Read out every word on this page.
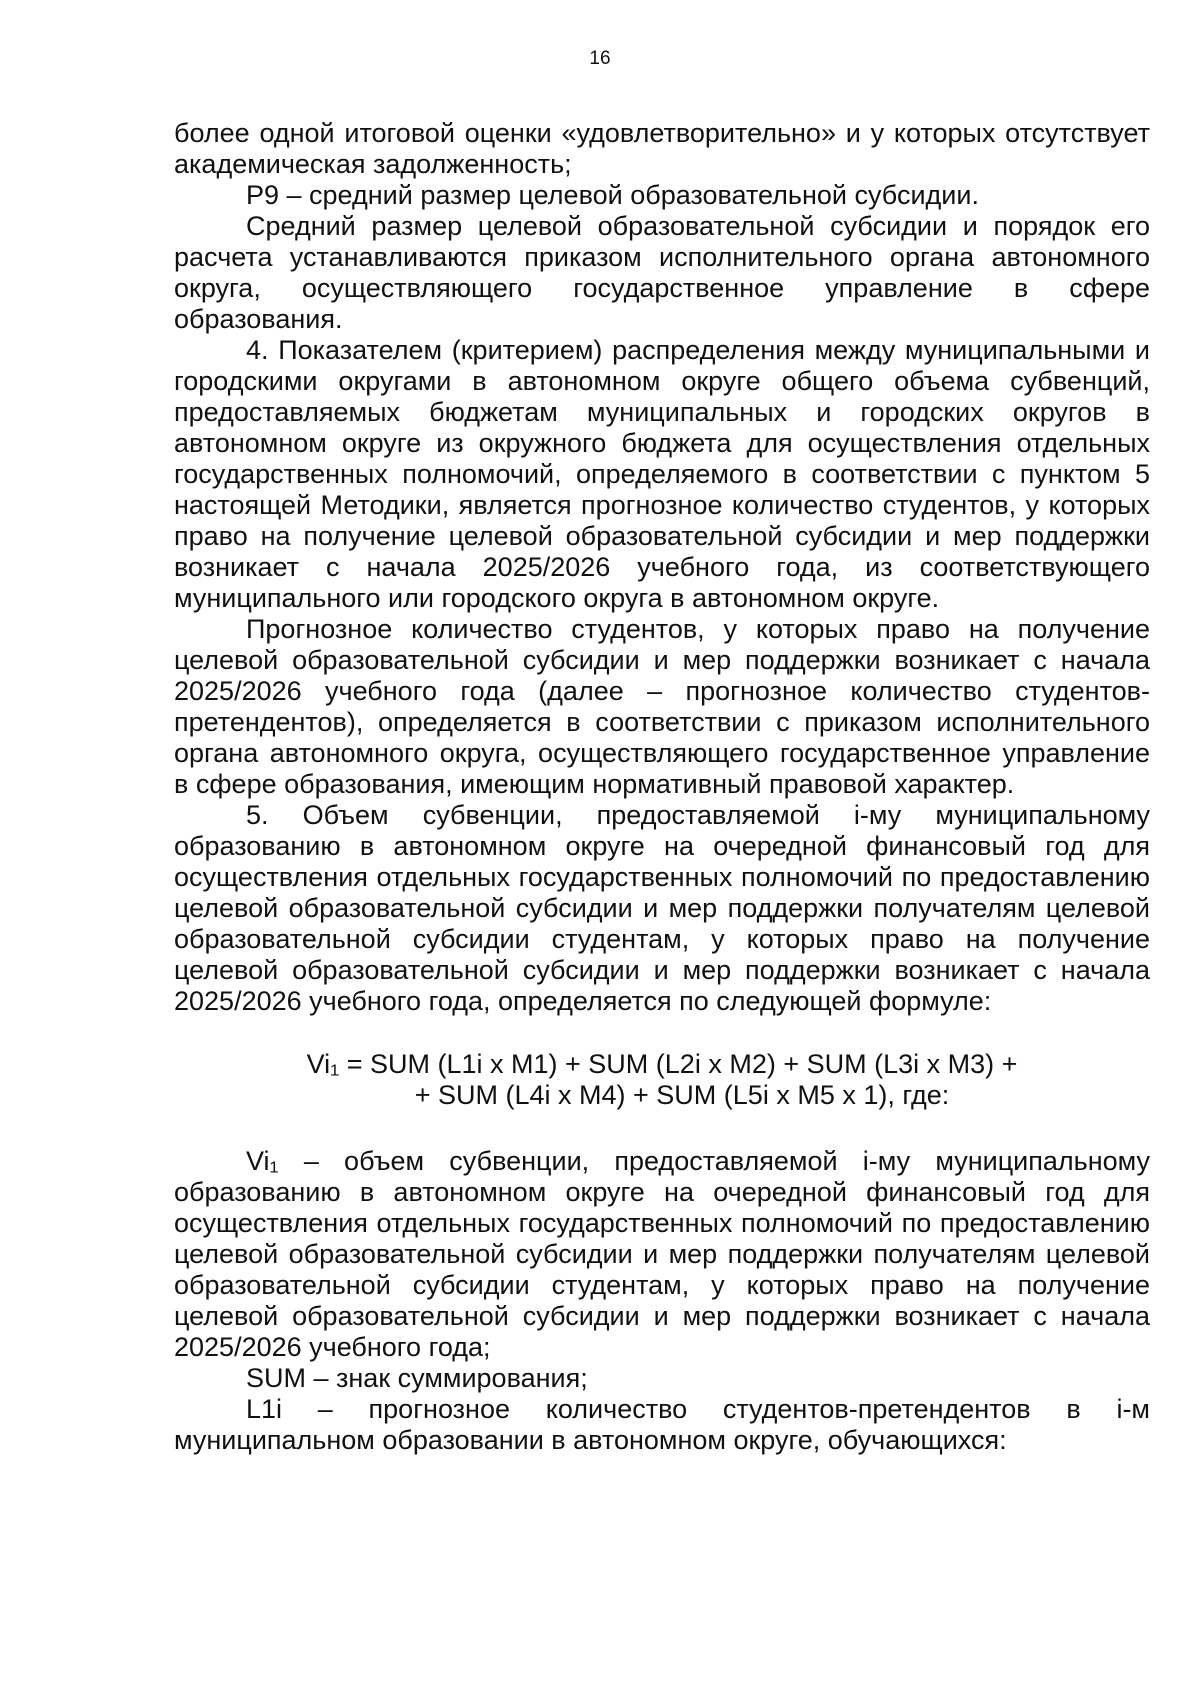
16

более одной итоговой оценки «удовлетворительно» и у которых отсутствует академическая задолженность;

P9 – средний размер целевой образовательной субсидии.

Средний размер целевой образовательной субсидии и порядок его расчета устанавливаются приказом исполнительного органа автономного округа, осуществляющего государственное управление в сфере образования.

4. Показателем (критерием) распределения между муниципальными и городскими округами в автономном округе общего объема субвенций, предоставляемых бюджетам муниципальных и городских округов в автономном округе из окружного бюджета для осуществления отдельных государственных полномочий, определяемого в соответствии с пунктом 5 настоящей Методики, является прогнозное количество студентов, у которых право на получение целевой образовательной субсидии и мер поддержки возникает с начала 2025/2026 учебного года, из соответствующего муниципального или городского округа в автономном округе.

Прогнозное количество студентов, у которых право на получение целевой образовательной субсидии и мер поддержки возникает с начала 2025/2026 учебного года (далее – прогнозное количество студентов-претендентов), определяется в соответствии с приказом исполнительного органа автономного округа, осуществляющего государственное управление в сфере образования, имеющим нормативный правовой характер.

5. Объем субвенции, предоставляемой i-му муниципальному образованию в автономном округе на очередной финансовый год для осуществления отдельных государственных полномочий по предоставлению целевой образовательной субсидии и мер поддержки получателям целевой образовательной субсидии студентам, у которых право на получение целевой образовательной субсидии и мер поддержки возникает с начала 2025/2026 учебного года, определяется по следующей формуле:

Vi₁ = SUM (L1i x M1) + SUM (L2i x M2) + SUM (L3i x M3) +
+ SUM (L4i x M4) + SUM (L5i x M5 x 1), где:

Vi₁ – объем субвенции, предоставляемой i-му муниципальному образованию в автономном округе на очередной финансовый год для осуществления отдельных государственных полномочий по предоставлению целевой образовательной субсидии и мер поддержки получателям целевой образовательной субсидии студентам, у которых право на получение целевой образовательной субсидии и мер поддержки возникает с начала 2025/2026 учебного года;

SUM – знак суммирования;

L1i – прогнозное количество студентов-претендентов в i-м муниципальном образовании в автономном округе, обучающихся:
